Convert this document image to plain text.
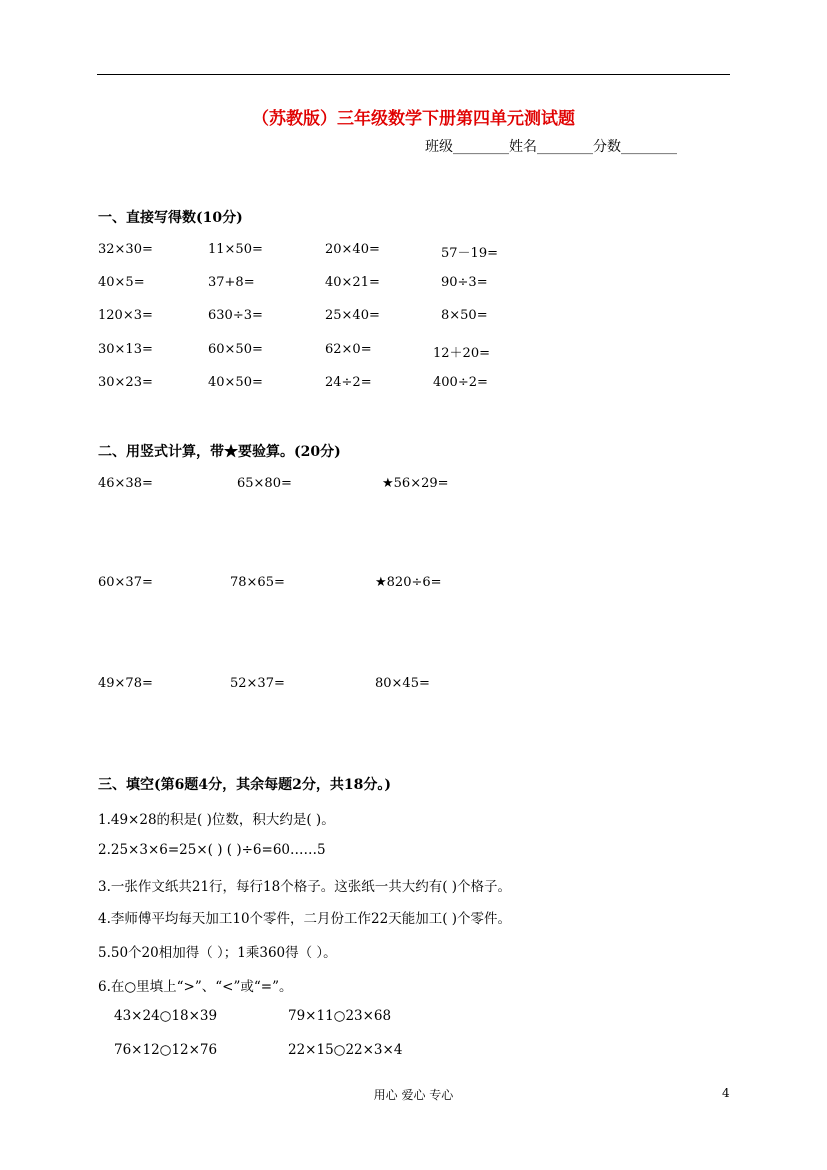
（苏教版）三年级数学下册第四单元测试题
班级________姓名________分数________
一、直接写得数(10分)
32×30=	11×50=	20×40=	57－19=
40×5=	37+8=	40×21=	90÷3=
120×3=	630÷3=	25×40=	8×50=
30×13=	60×50=	62×0=	12＋20=
30×23=	40×50=	24÷2=	400÷2=
二、用竖式计算，带★要验算。(20分)
46×38=	65×80=	★56×29=
60×37=	78×65=	★820÷6=
49×78=	52×37=	80×45=
三、填空(第6题4分，其余每题2分，共18分。)
1.49×28的积是( )位数，积大约是( )。
2.25×3×6=25×( ) ( )÷6=60……5
3.一张作文纸共21行，每行18个格子。这张纸一共大约有( )个格子。
4.李师傅平均每天加工10个零件，二月份工作22天能加工( )个零件。
5.50个20相加得（ ）；1乘360得（ ）。
6.在○里填上“>”、“<”或“=”。
43×24○18×39	79×11○23×68
76×12○12×76	22×15○22×3×4
用心 爱心 专心	4
